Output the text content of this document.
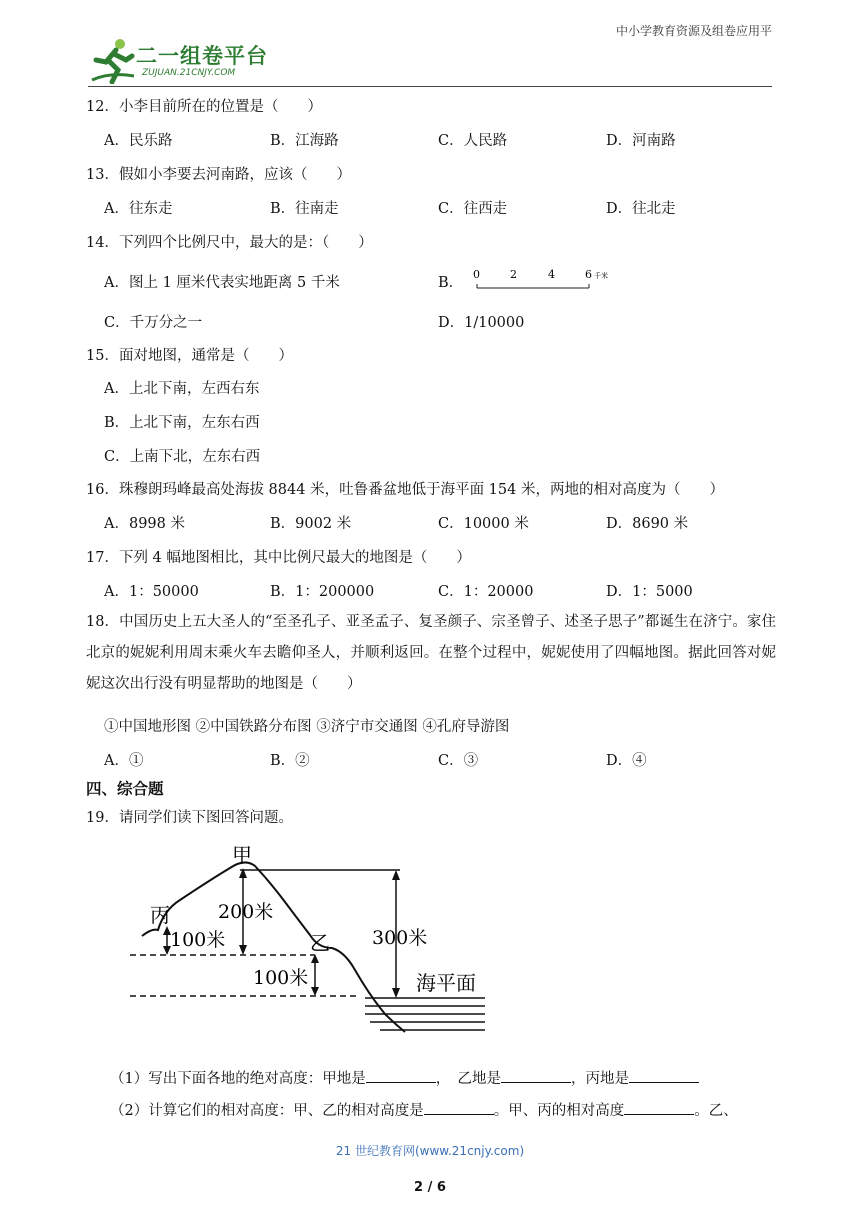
中小学教育资源及组卷应用平
二一组卷平台
ZUJUAN.21CNJY.COM
12．小李目前所在的位置是（　　）
A．民乐路	B．江海路	C．人民路	D．河南路
13．假如小李要去河南路，应该（　　）
A．往东走	B．往南走	C．往西走	D．往北走
14．下列四个比例尺中，最大的是：（　　）
A．图上 1 厘米代表实地距离 5 千米	B．
0	2	4	6 千米
C．千万分之一	D．1/10000
15．面对地图，通常是（　　）
A．上北下南，左西右东
B．上北下南，左东右西
C．上南下北，左东右西
16．珠穆朗玛峰最高处海拔 8844 米，吐鲁番盆地低于海平面 154 米，两地的相对高度为（　　）
A．8998 米	B．9002 米	C．10000 米	D．8690 米
17．下列 4 幅地图相比，其中比例尺最大的地图是（　　）
A．1：50000	B．1：200000	C．1：20000	D．1：5000
18．中国历史上五大圣人的“至圣孔子、亚圣孟子、复圣颜子、宗圣曾子、述圣子思子”都诞生在济宁。家住北京的妮妮利用周末乘火车去瞻仰圣人，并顺利返回。在整个过程中，妮妮使用了四幅地图。据此回答对妮妮这次出行没有明显帮助的地图是（　　）
①中国地形图 ②中国铁路分布图 ③济宁市交通图 ④孔府导游图
A．①	B．②	C．③	D．④
四、综合题
19．请同学们读下图回答问题。
甲
乙
丙	200米
100米
100米
300米
海平面
（1）写出下面各地的绝对高度：甲地是	，　乙地是	，丙地是
（2）计算它们的相对高度：甲、乙的相对高度是	。甲、丙的相对高度	。乙、
21 世纪教育网(www.21cnjy.com)
2 / 6
